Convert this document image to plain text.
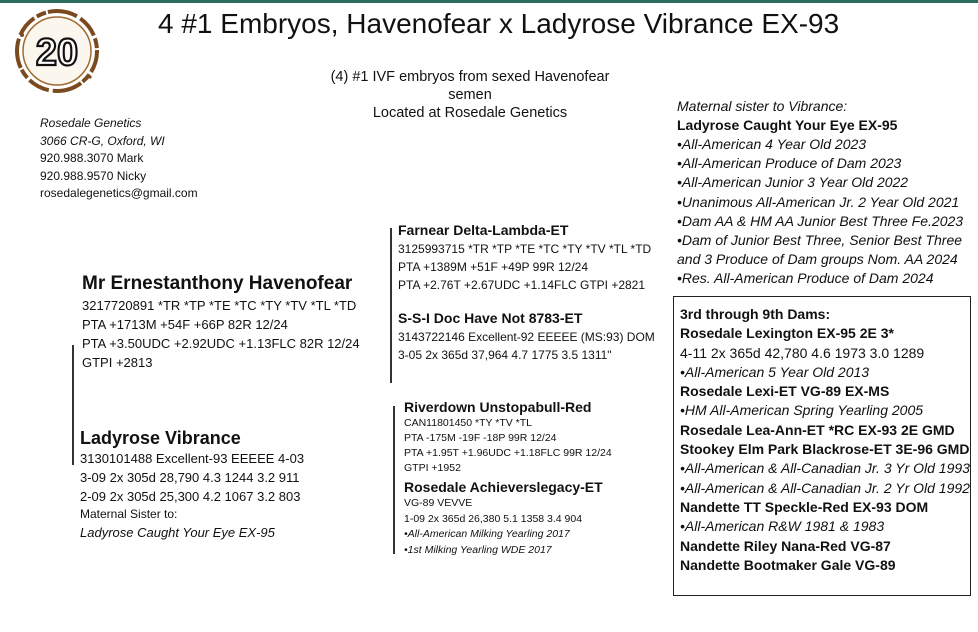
20
4 #1 Embryos, Havenofear x Ladyrose Vibrance EX-93
(4) #1 IVF embryos from sexed Havenofear
semen
Located at Rosedale Genetics
Rosedale Genetics
3066 CR-G, Oxford, WI
920.988.3070 Mark
920.988.9570 Nicky
rosedalegenetics@gmail.com
Mr Ernestanthony Havenofear
3217720891 *TR *TP *TE *TC *TY *TV *TL *TD
PTA +1713M +54F +66P 82R 12/24
PTA +3.50UDC +2.92UDC +1.13FLC 82R 12/24
GTPI +2813
Ladyrose Vibrance
3130101488 Excellent-93 EEEEE 4-03
3-09 2x 305d 28,790 4.3 1244 3.2 911
2-09 2x 305d 25,300 4.2 1067 3.2 803
Maternal Sister to:
Ladyrose Caught Your Eye EX-95
Farnear Delta-Lambda-ET
3125993715 *TR *TP *TE *TC *TY *TV *TL *TD
PTA +1389M +51F +49P 99R 12/24
PTA +2.76T +2.67UDC +1.14FLC GTPI +2821
S-S-I Doc Have Not 8783-ET
3143722146 Excellent-92 EEEEE (MS:93) DOM
3-05 2x 365d 37,964 4.7 1775 3.5 1311"
Riverdown Unstopabull-Red
CAN11801450 *TY *TV *TL
PTA -175M -19F -18P 99R 12/24
PTA +1.95T +1.96UDC +1.18FLC 99R 12/24
GTPI +1952
Rosedale Achieverslegacy-ET
VG-89 VEVVE
1-09 2x 365d 26,380 5.1 1358 3.4 904
•All-American Milking Yearling 2017
•1st Milking Yearling WDE 2017
Maternal sister to Vibrance:
Ladyrose Caught Your Eye EX-95
•All-American 4 Year Old 2023
•All-American Produce of Dam 2023
•All-American Junior 3 Year Old 2022
•Unanimous All-American Jr. 2 Year Old 2021
•Dam AA & HM AA Junior Best Three Fe.2023
•Dam of Junior Best Three, Senior Best Three
and 3 Produce of Dam groups Nom. AA 2024
•Res. All-American Produce of Dam 2024
3rd through 9th Dams:
Rosedale Lexington EX-95 2E 3*
4-11 2x 365d 42,780 4.6 1973 3.0 1289
•All-American 5 Year Old 2013
Rosedale Lexi-ET VG-89 EX-MS
•HM All-American Spring Yearling 2005
Rosedale Lea-Ann-ET *RC EX-93 2E GMD
Stookey Elm Park Blackrose-ET 3E-96 GMD
•All-American & All-Canadian Jr. 3 Yr Old 1993
•All-American & All-Canadian Jr. 2 Yr Old 1992
Nandette TT Speckle-Red EX-93 DOM
•All-American R&W 1981 & 1983
Nandette Riley Nana-Red VG-87
Nandette Bootmaker Gale VG-89
